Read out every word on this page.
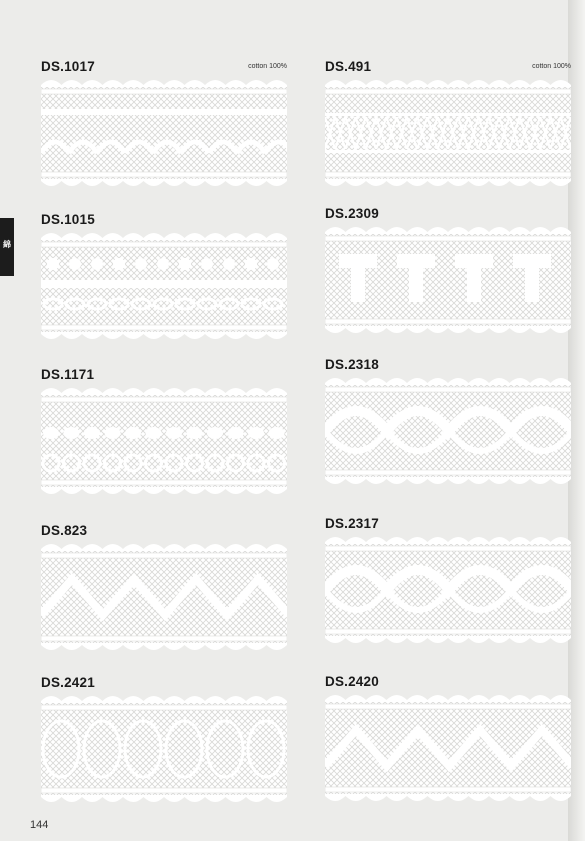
綿
DS.1017	cotton 100%
DS.1015
DS.1171
DS.823
DS.2421
DS.491	cotton 100%
DS.2309
DS.2318
DS.2317
DS.2420
144
